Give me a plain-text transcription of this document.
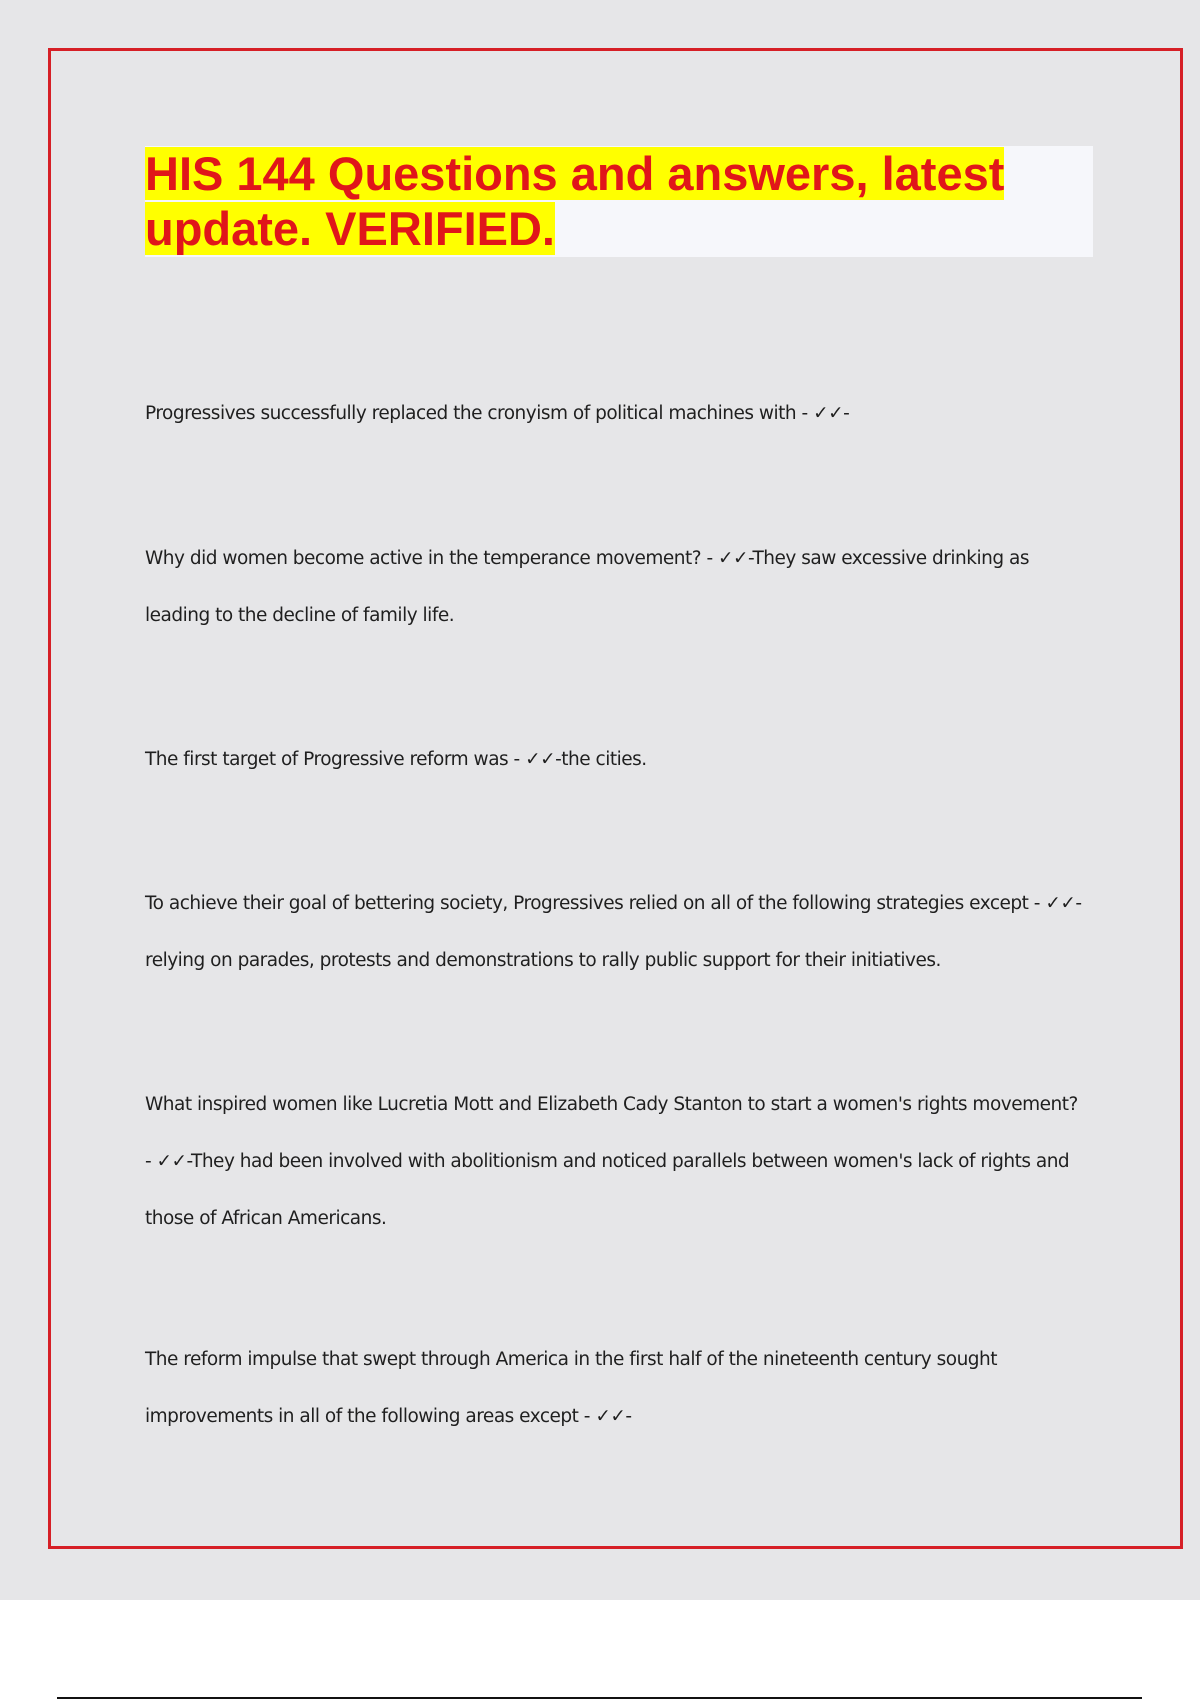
HIS 144 Questions and answers, latest update. VERIFIED.

Progressives successfully replaced the cronyism of political machines with - ✓✓-

Why did women become active in the temperance movement? - ✓✓-They saw excessive drinking as leading to the decline of family life.

The first target of Progressive reform was - ✓✓-the cities.

To achieve their goal of bettering society, Progressives relied on all of the following strategies except - ✓✓-relying on parades, protests and demonstrations to rally public support for their initiatives.

What inspired women like Lucretia Mott and Elizabeth Cady Stanton to start a women's rights movement? - ✓✓-They had been involved with abolitionism and noticed parallels between women's lack of rights and those of African Americans.

The reform impulse that swept through America in the first half of the nineteenth century sought improvements in all of the following areas except - ✓✓-
